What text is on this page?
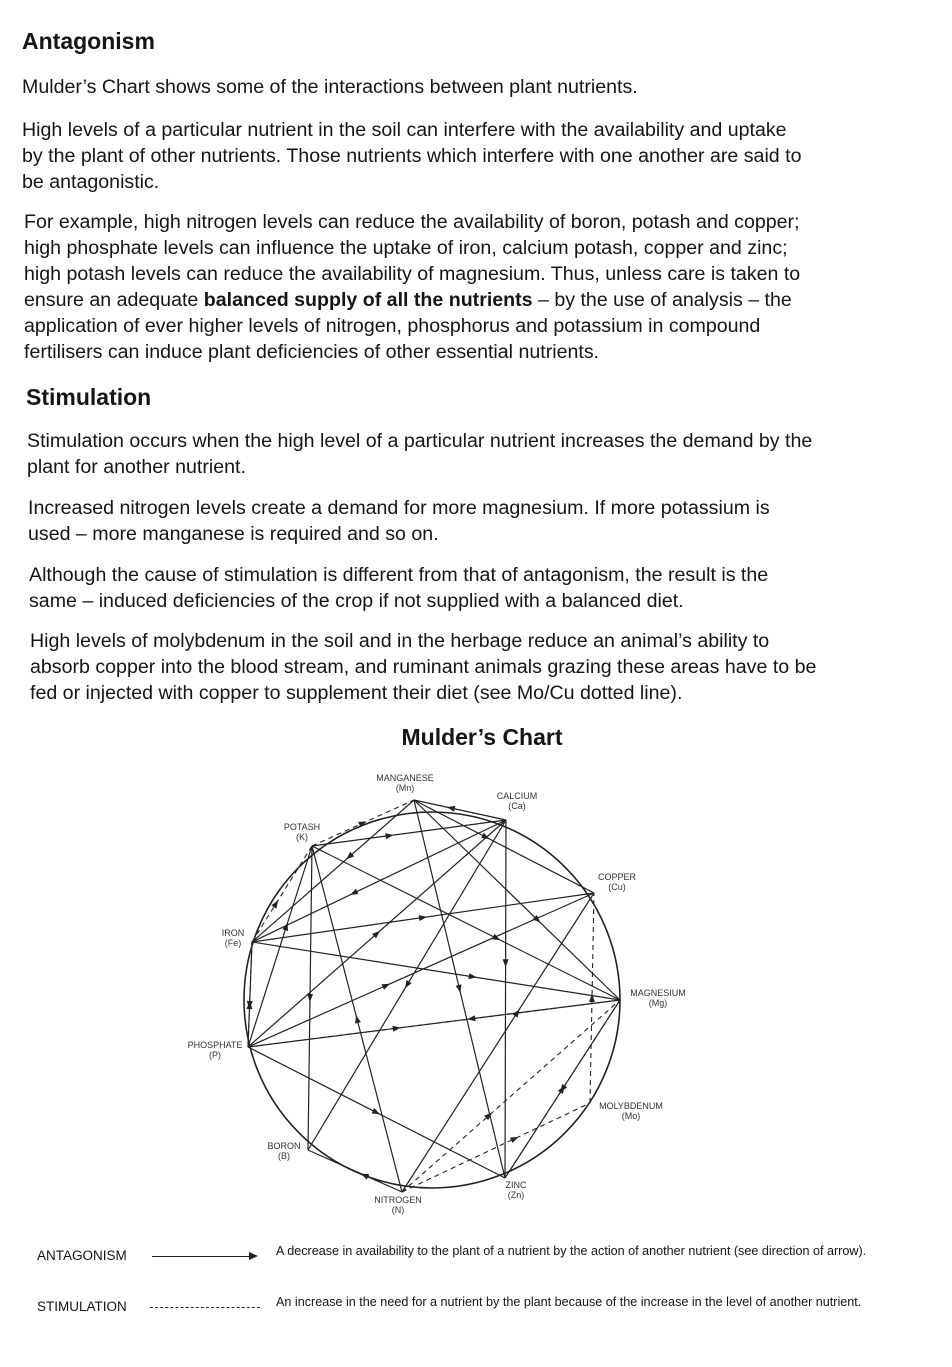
Antagonism

Mulder’s Chart shows some of the interactions between plant nutrients.

High levels of a particular nutrient in the soil can interfere with the availability and uptake
by the plant of other nutrients. Those nutrients which interfere with one another are said to
be antagonistic.

For example, high nitrogen levels can reduce the availability of boron, potash and copper;
high phosphate levels can influence the uptake of iron, calcium potash, copper and zinc;
high potash levels can reduce the availability of magnesium. Thus, unless care is taken to
ensure an adequate balanced supply of all the nutrients – by the use of analysis – the
application of ever higher levels of nitrogen, phosphorus and potassium in compound
fertilisers can induce plant deficiencies of other essential nutrients.

Stimulation

Stimulation occurs when the high level of a particular nutrient increases the demand by the
plant for another nutrient.

Increased nitrogen levels create a demand for more magnesium. If more potassium is
used – more manganese is required and so on.

Although the cause of stimulation is different from that of antagonism, the result is the
same – induced deficiencies of the crop if not supplied with a balanced diet.

High levels of molybdenum in the soil and in the herbage reduce an animal’s ability to
absorb copper into the blood stream, and ruminant animals grazing these areas have to be
fed or injected with copper to supplement their diet (see Mo/Cu dotted line).

Mulder’s Chart
MANGANESE
(Mn)
CALCIUM
(Ca)
COPPER
(Cu)
MAGNESIUM
(Mg)
MOLYBDENUM
(Mo)
ZINC
(Zn)
NITROGEN
(N)
BORON
(B)
PHOSPHATE
(P)
IRON
(Fe)
POTASH
(K)
ANTAGONISM	A decrease in availability to the plant of a nutrient by the action of another nutrient (see direction of arrow).
STIMULATION	An increase in the need for a nutrient by the plant because of the increase in the level of another nutrient.
